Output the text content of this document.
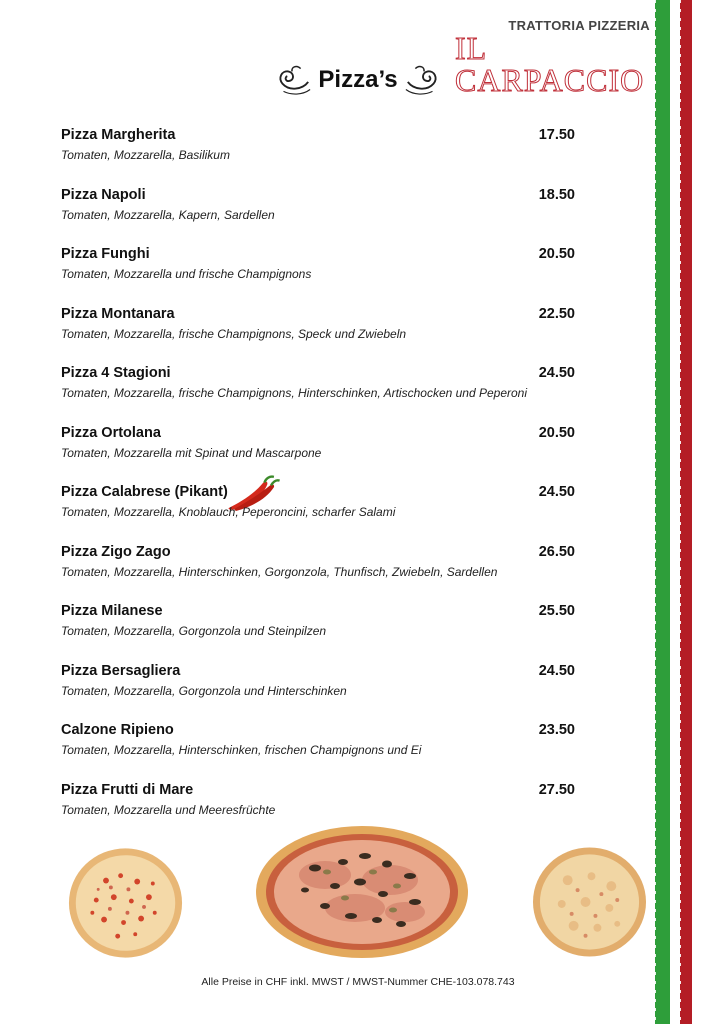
TRATTORIA PIZZERIA
IL CARPACCIO
Pizza’s
Pizza Margherita	17.50
Tomaten, Mozzarella, Basilikum
Pizza Napoli	18.50
Tomaten, Mozzarella, Kapern, Sardellen
Pizza Funghi	20.50
Tomaten, Mozzarella und frische Champignons
Pizza Montanara	22.50
Tomaten, Mozzarella, frische Champignons, Speck und Zwiebeln
Pizza 4 Stagioni	24.50
Tomaten, Mozzarella, frische Champignons, Hinterschinken, Artischocken und Peperoni
Pizza Ortolana	20.50
Tomaten, Mozzarella mit Spinat und Mascarpone
Pizza Calabrese (Pikant)	24.50
Tomaten, Mozzarella, Knoblauch, Peperoncini, scharfer Salami
Pizza Zigo Zago	26.50
Tomaten, Mozzarella, Hinterschinken, Gorgonzola, Thunfisch, Zwiebeln, Sardellen
Pizza Milanese	25.50
Tomaten, Mozzarella, Gorgonzola und Steinpilzen
Pizza Bersagliera	24.50
Tomaten, Mozzarella, Gorgonzola und Hinterschinken
Calzone Ripieno	23.50
Tomaten, Mozzarella, Hinterschinken, frischen Champignons und Ei
Pizza Frutti di Mare	27.50
Tomaten, Mozzarella und Meeresfrüchte
Alle Preise in CHF inkl. MWST / MWST-Nummer CHE-103.078.743
